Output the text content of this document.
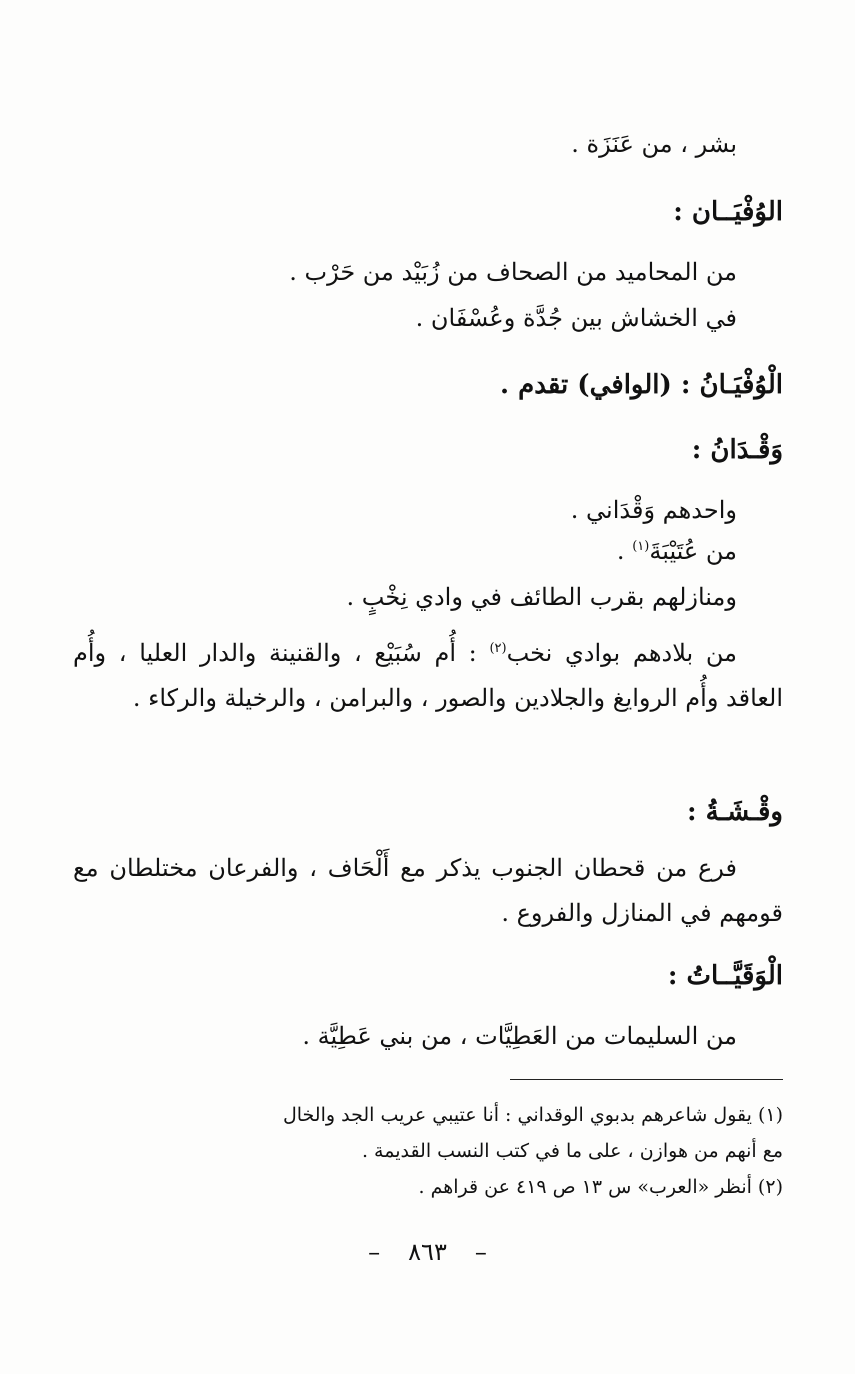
بشر ، من عَنَزَة .
الوُفْيَــان :
من المحاميد من الصحاف من زُبَيْد من حَرْب .
في الخشاش بين جُدَّة وعُسْفَان .
الْوُفْيَـانُ : (الوافي) تقدم .
وَقْـدَانُ :
واحدهم وَقْدَاني .
من عُتَيْبَةَ$^{(١)}$ .
ومنازلهم بقرب الطائف في وادي نِخْبٍ .
من بلادهم بوادي نخب$^{(٢)}$ : أُم سُبَيْع ، والقنينة والدار العليا ، وأُم العاقد وأُم الروايغ والجلادين والصور ، والبرامن ، والرخيلة والركاء .
وقْـشَـةُ :
فرع من قحطان الجنوب يذكر مع أَلْحَاف ، والفرعان مختلطان مع قومهم في المنازل والفروع .
الْوَقَيَّــاتُ :
من السليمات من العَطِيَّات ، من بني عَطِيَّة .
(١) يقول شاعرهم بدبوي الوقداني : أنا عتيبي عريب الجد والخال
مع أنهم من هوازن ، على ما في كتب النسب القديمة .
(٢) أنظر «العرب» س ١٣ ص ٤١٩ عن قراهم .
– ٨٦٣ –
